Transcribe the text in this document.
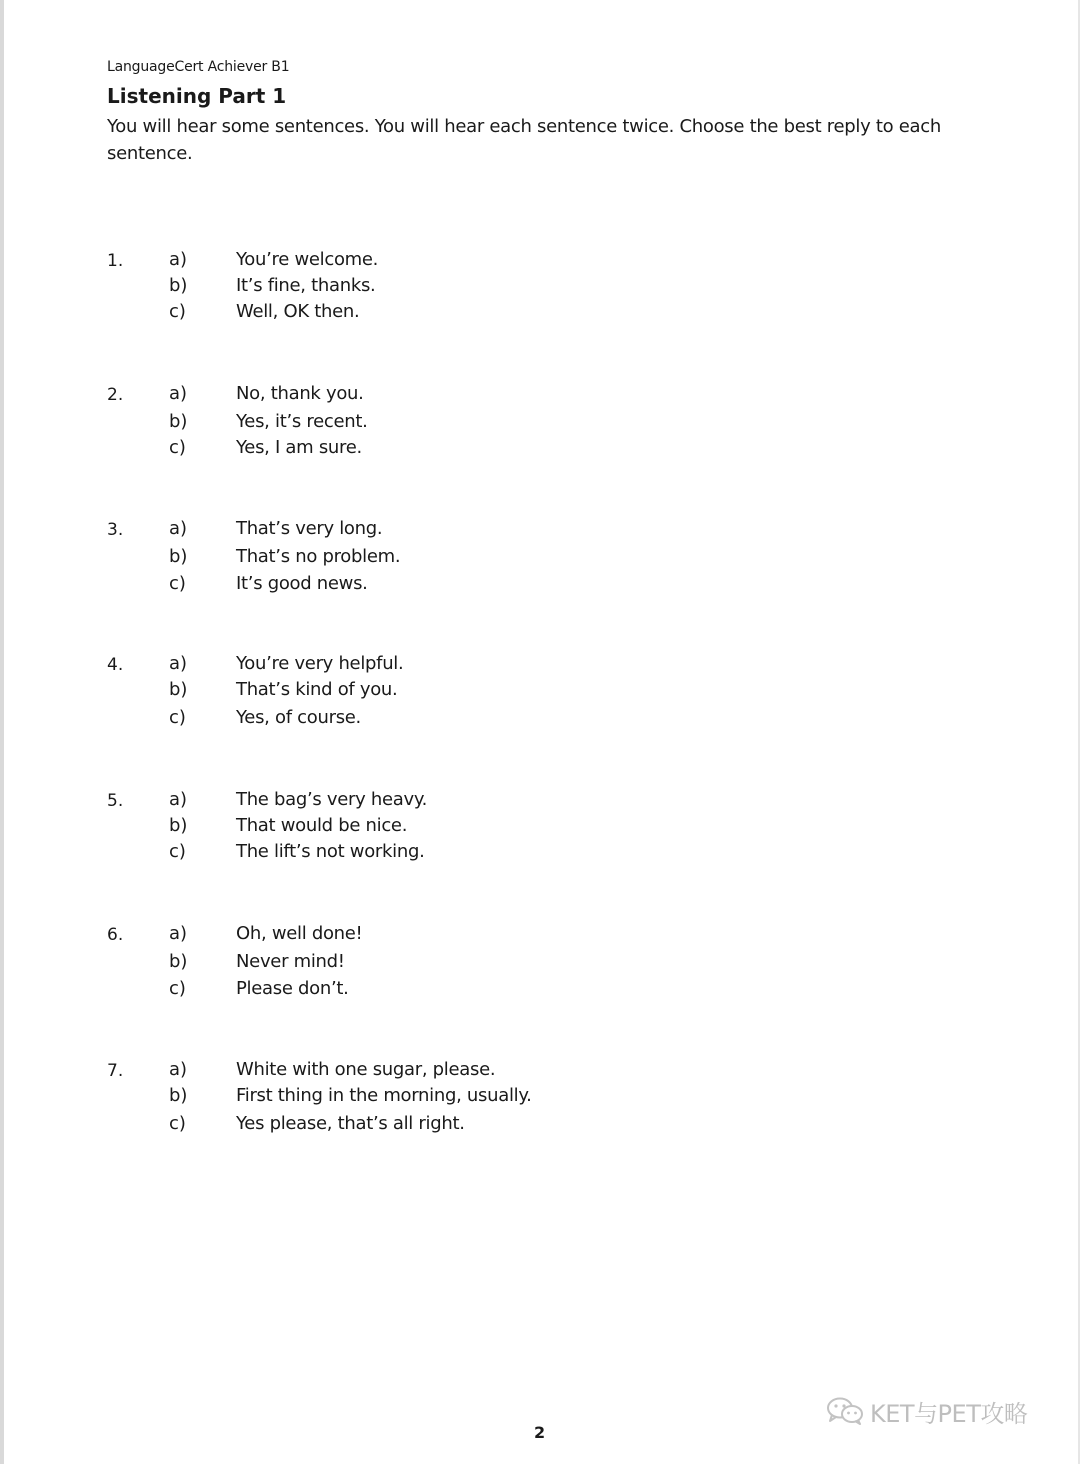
LanguageCert Achiever B1
Listening Part 1
You will hear some sentences. You will hear each sentence twice. Choose the best reply to each sentence.
1.	a)	You’re welcome.
b)	It’s fine, thanks.
c)	Well, OK then.
2.	a)	No, thank you.
b)	Yes, it’s recent.
c)	Yes, I am sure.
3.	a)	That’s very long.
b)	That’s no problem.
c)	It’s good news.
4.	a)	You’re very helpful.
b)	That’s kind of you.
c)	Yes, of course.
5.	a)	The bag’s very heavy.
b)	That would be nice.
c)	The lift’s not working.
6.	a)	Oh, well done!
b)	Never mind!
c)	Please don’t.
7.	a)	White with one sugar, please.
b)	First thing in the morning, usually.
c)	Yes please, that’s all right.
2
KET与PET攻略
